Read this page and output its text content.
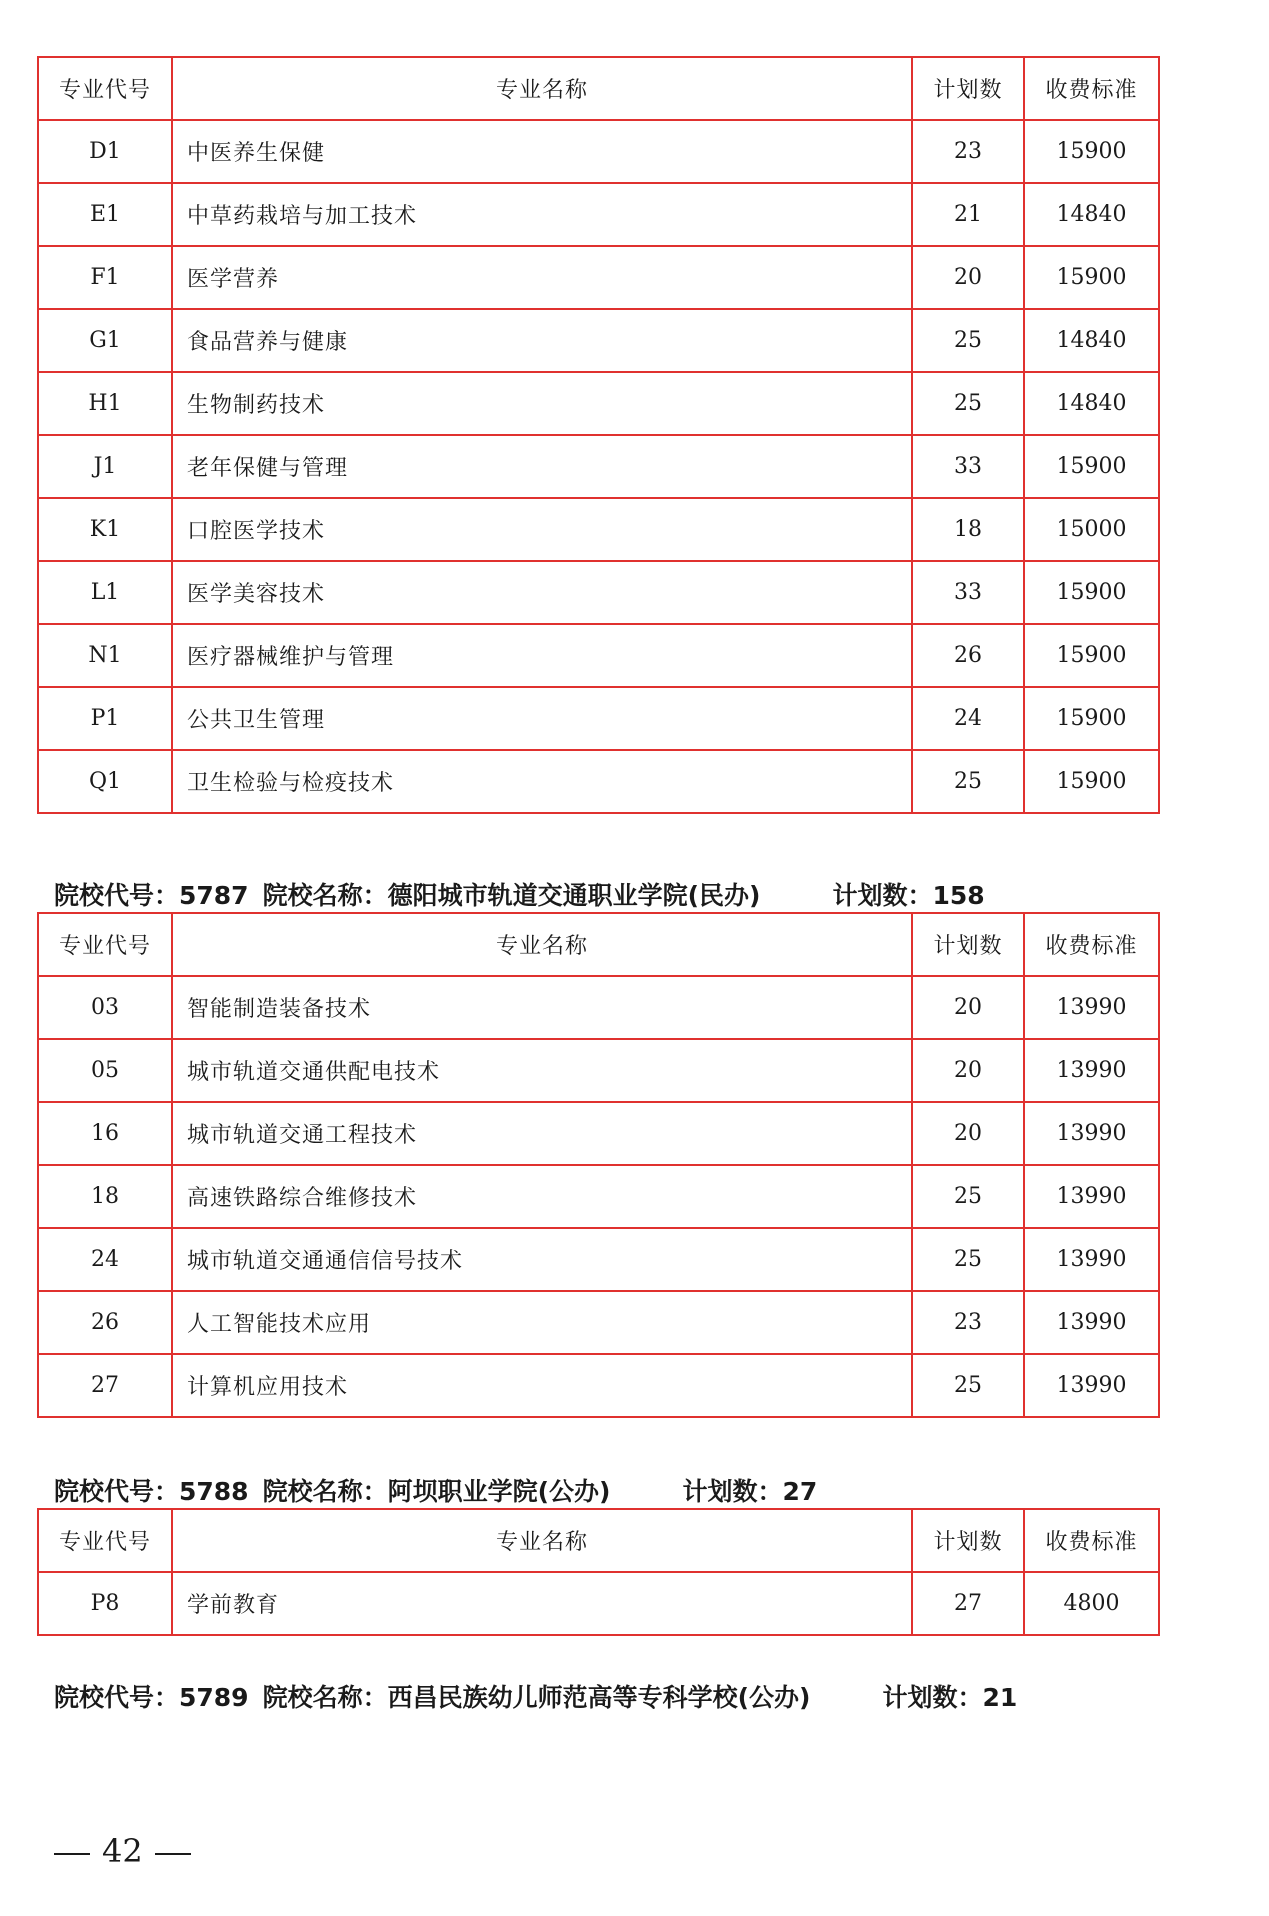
专业代号	专业名称	计划数	收费标准
D1	中医养生保健	23	15900
E1	中草药栽培与加工技术	21	14840
F1	医学营养	20	15900
G1	食品营养与健康	25	14840
H1	生物制药技术	25	14840
J1	老年保健与管理	33	15900
K1	口腔医学技术	18	15000
L1	医学美容技术	33	15900
N1	医疗器械维护与管理	26	15900
P1	公共卫生管理	24	15900
Q1	卫生检验与检疫技术	25	15900
院校代号：5787 院校名称：德阳城市轨道交通职业学院(民办)	计划数：158
专业代号	专业名称	计划数	收费标准
03	智能制造装备技术	20	13990
05	城市轨道交通供配电技术	20	13990
16	城市轨道交通工程技术	20	13990
18	高速铁路综合维修技术	25	13990
24	城市轨道交通通信信号技术	25	13990
26	人工智能技术应用	23	13990
27	计算机应用技术	25	13990
院校代号：5788 院校名称：阿坝职业学院(公办)	计划数：27
专业代号	专业名称	计划数	收费标准
P8	学前教育	27	4800
院校代号：5789 院校名称：西昌民族幼儿师范高等专科学校(公办)	计划数：21
42
